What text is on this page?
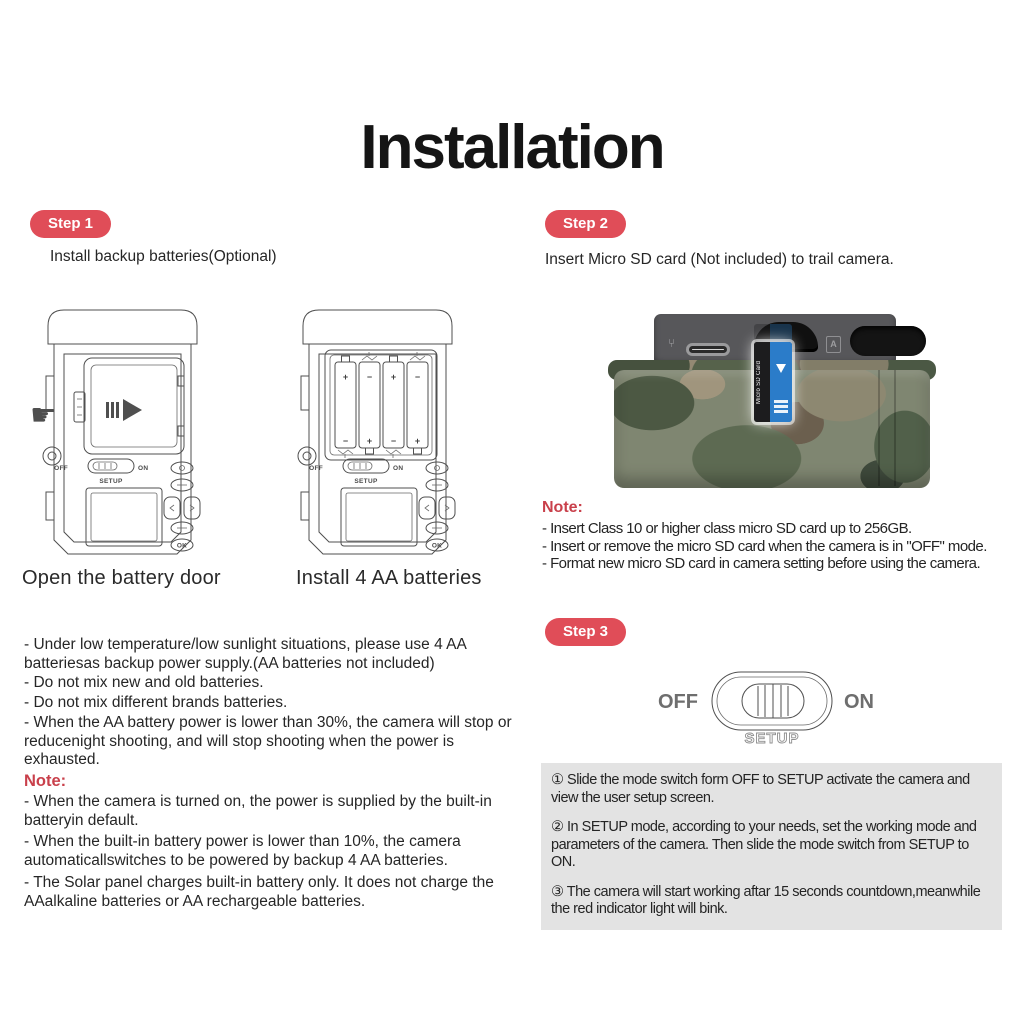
Installation
Step 1
Install backup batteries(Optional)
☛
OFF	ON
SETUP
OK
+
−
−
+
+
−
−
+
OFF	ON
SETUP
OK
Open the battery door	Install 4 AA batteries

- Under low temperature/low sunlight situations, please use 4 AA batteriesas backup power supply.(AA batteries not included)

- Do not mix new and old batteries.

- Do not mix different brands batteries.

- When the AA battery power is lower than 30%, the camera will stop or reducenight shooting, and will stop shooting when the power is exhausted.

Note:

- When the camera is turned on, the power is supplied by the built-in batteryin default.

- When the built-in battery power is lower than 10%, the camera automaticallswitches to be powered by backup 4 AA batteries.

- The Solar panel charges built-in battery only. It does not charge the AAalkaline batteries or AA rechargeable batteries.

Step 2
Insert Micro SD card (Not included) to trail camera.
⑂	A
Micro SD Card
Note:

- Insert Class 10 or higher class micro SD card up to 256GB.

- Insert or remove the micro SD card when the camera is in "OFF" mode.

- Format new micro SD card in camera setting before using the camera.

Step 3
OFF	ON
SETUP

① Slide the mode switch form OFF to SETUP activate the camera and view the user setup screen.

② In SETUP mode, according to your needs, set the working mode and parameters of the camera. Then slide the mode switch from SETUP to ON.

③ The camera will start working aftar 15 seconds countdown,meanwhile the red indicator light will bink.
